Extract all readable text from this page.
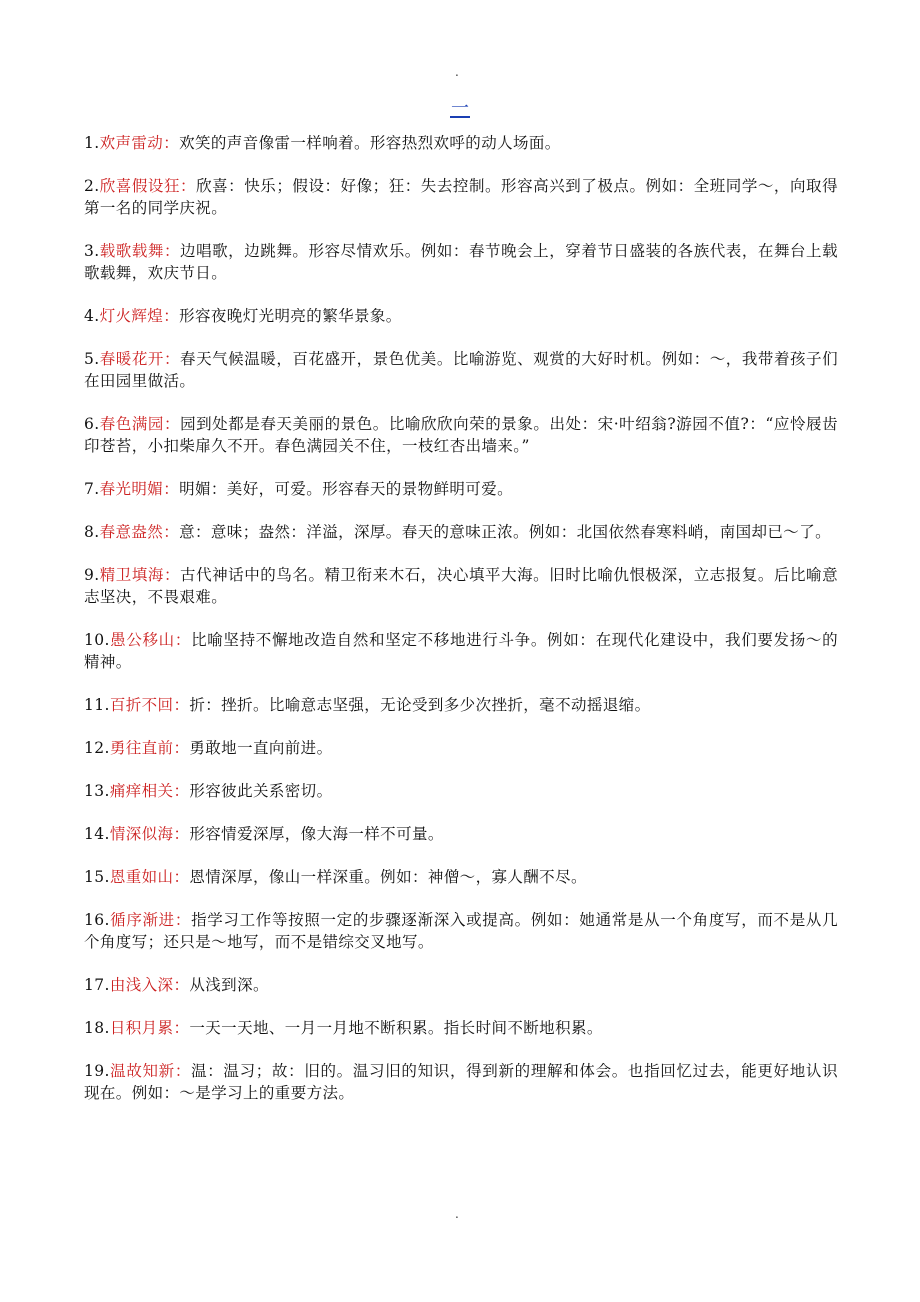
.
一

1.欢声雷动：欢笑的声音像雷一样响着。形容热烈欢呼的动人场面。

2.欣喜假设狂：欣喜：快乐；假设：好像；狂：失去控制。形容高兴到了极点。例如：全班同学～，向取得第一名的同学庆祝。

3.载歌载舞：边唱歌，边跳舞。形容尽情欢乐。例如：春节晚会上，穿着节日盛装的各族代表，在舞台上载歌载舞，欢庆节日。

4.灯火辉煌：形容夜晚灯光明亮的繁华景象。

5.春暖花开：春天气候温暖，百花盛开，景色优美。比喻游览、观赏的大好时机。例如：～，我带着孩子们在田园里做活。

6.春色满园：园到处都是春天美丽的景色。比喻欣欣向荣的景象。出处：宋·叶绍翁?游园不值?：“应怜屐齿印苍苔，小扣柴扉久不开。春色满园关不住，一枝红杏出墙来。”

7.春光明媚：明媚：美好，可爱。形容春天的景物鲜明可爱。

8.春意盎然：意：意味；盎然：洋溢，深厚。春天的意味正浓。例如：北国依然春寒料峭，南国却已～了。

9.精卫填海：古代神话中的鸟名。精卫衔来木石，决心填平大海。旧时比喻仇恨极深，立志报复。后比喻意志坚决，不畏艰难。

10.愚公移山：比喻坚持不懈地改造自然和坚定不移地进行斗争。例如：在现代化建设中，我们要发扬～的精神。

11.百折不回：折：挫折。比喻意志坚强，无论受到多少次挫折，毫不动摇退缩。

12.勇往直前：勇敢地一直向前进。

13.痛痒相关：形容彼此关系密切。

14.情深似海：形容情爱深厚，像大海一样不可量。

15.恩重如山：恩情深厚，像山一样深重。例如：神僧～，寡人酬不尽。

16.循序渐进：指学习工作等按照一定的步骤逐渐深入或提高。例如：她通常是从一个角度写，而不是从几个角度写；还只是～地写，而不是错综交叉地写。

17.由浅入深：从浅到深。

18.日积月累：一天一天地、一月一月地不断积累。指长时间不断地积累。

19.温故知新：温：温习；故：旧的。温习旧的知识，得到新的理解和体会。也指回忆过去，能更好地认识现在。例如：～是学习上的重要方法。

.
